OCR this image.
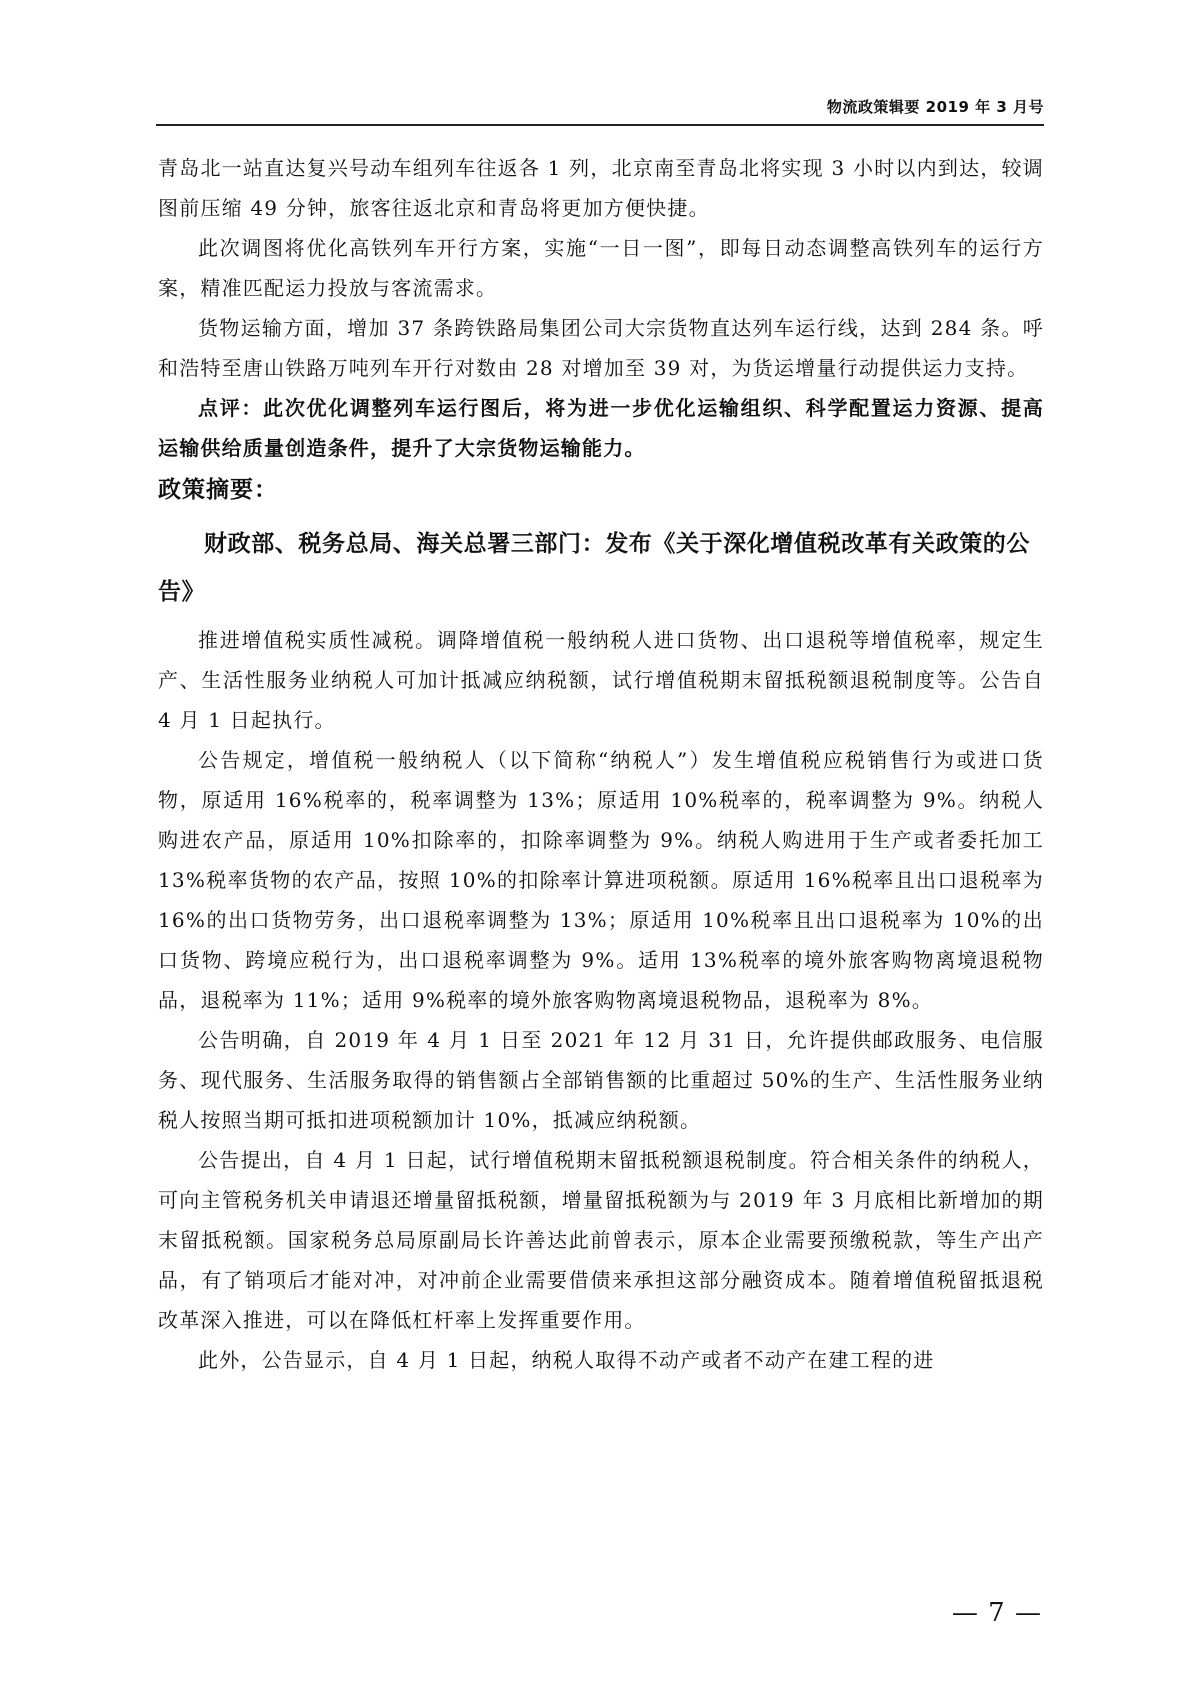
物流政策辑要 2019 年 3 月号

青岛北一站直达复兴号动车组列车往返各 1 列，北京南至青岛北将实现 3 小时以内到达，较调图前压缩 49 分钟，旅客往返北京和青岛将更加方便快捷。

此次调图将优化高铁列车开行方案，实施“一日一图”，即每日动态调整高铁列车的运行方案，精准匹配运力投放与客流需求。

货物运输方面，增加 37 条跨铁路局集团公司大宗货物直达列车运行线，达到 284 条。呼和浩特至唐山铁路万吨列车开行对数由 28 对增加至 39 对，为货运增量行动提供运力支持。

点评：此次优化调整列车运行图后，将为进一步优化运输组织、科学配置运力资源、提高运输供给质量创造条件，提升了大宗货物运输能力。

政策摘要：

财政部、税务总局、海关总署三部门：发布《关于深化增值税改革有关政策的公告》

推进增值税实质性减税。调降增值税一般纳税人进口货物、出口退税等增值税率，规定生产、生活性服务业纳税人可加计抵减应纳税额，试行增值税期末留抵税额退税制度等。公告自 4 月 1 日起执行。

公告规定，增值税一般纳税人（以下简称“纳税人”）发生增值税应税销售行为或进口货物，原适用 16%税率的，税率调整为 13%；原适用 10%税率的，税率调整为 9%。纳税人购进农产品，原适用 10%扣除率的，扣除率调整为 9%。纳税人购进用于生产或者委托加工 13%税率货物的农产品，按照 10%的扣除率计算进项税额。原适用 16%税率且出口退税率为 16%的出口货物劳务，出口退税率调整为 13%；原适用 10%税率且出口退税率为 10%的出口货物、跨境应税行为，出口退税率调整为 9%。适用 13%税率的境外旅客购物离境退税物品，退税率为 11%；适用 9%税率的境外旅客购物离境退税物品，退税率为 8%。

公告明确，自 2019 年 4 月 1 日至 2021 年 12 月 31 日，允许提供邮政服务、电信服务、现代服务、生活服务取得的销售额占全部销售额的比重超过 50%的生产、生活性服务业纳税人按照当期可抵扣进项税额加计 10%，抵减应纳税额。

公告提出，自 4 月 1 日起，试行增值税期末留抵税额退税制度。符合相关条件的纳税人，可向主管税务机关申请退还增量留抵税额，增量留抵税额为与 2019 年 3 月底相比新增加的期末留抵税额。国家税务总局原副局长许善达此前曾表示，原本企业需要预缴税款，等生产出产品，有了销项后才能对冲，对冲前企业需要借债来承担这部分融资成本。随着增值税留抵退税改革深入推进，可以在降低杠杆率上发挥重要作用。

此外，公告显示，自 4 月 1 日起，纳税人取得不动产或者不动产在建工程的进

— 7 —
